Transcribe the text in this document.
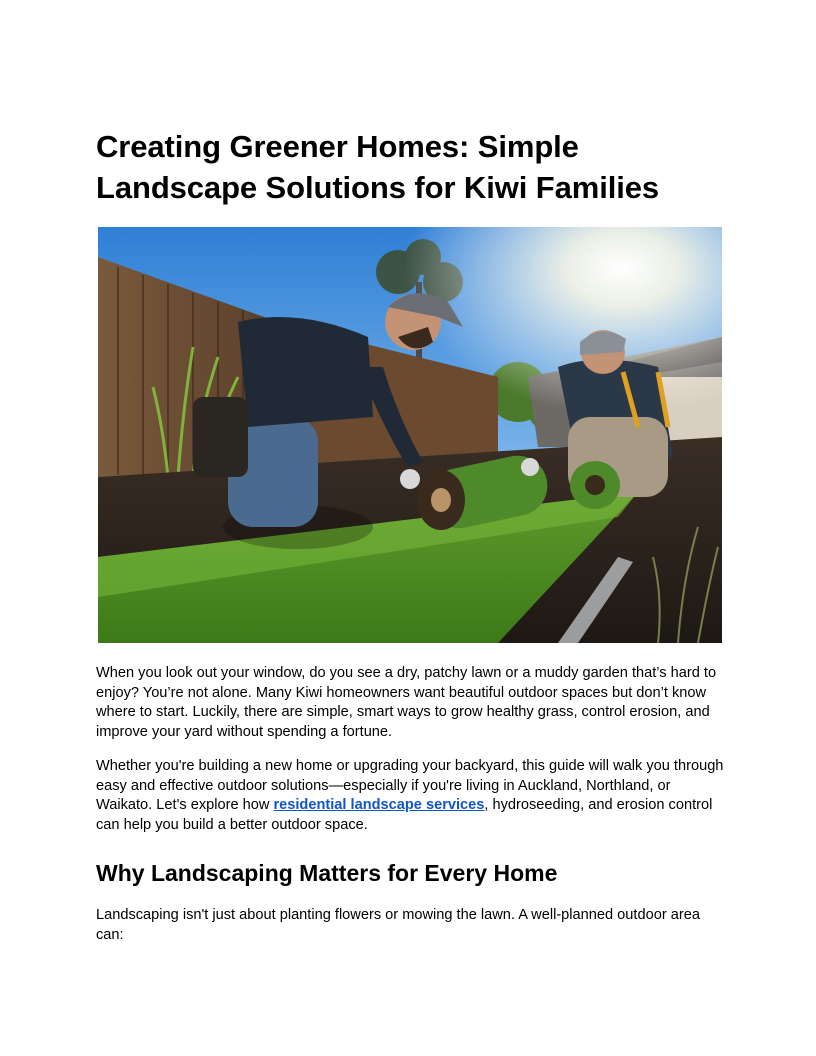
Creating Greener Homes: Simple
Landscape Solutions for Kiwi Families

When you look out your window, do you see a dry, patchy lawn or a muddy garden that’s hard to enjoy? You’re not alone. Many Kiwi homeowners want beautiful outdoor spaces but don’t know where to start. Luckily, there are simple, smart ways to grow healthy grass, control erosion, and improve your yard without spending a fortune.

Whether you're building a new home or upgrading your backyard, this guide will walk you through easy and effective outdoor solutions—especially if you're living in Auckland, Northland, or Waikato. Let's explore how residential landscape services, hydroseeding, and erosion control can help you build a better outdoor space.

Why Landscaping Matters for Every Home

Landscaping isn't just about planting flowers or mowing the lawn. A well-planned outdoor area can:
